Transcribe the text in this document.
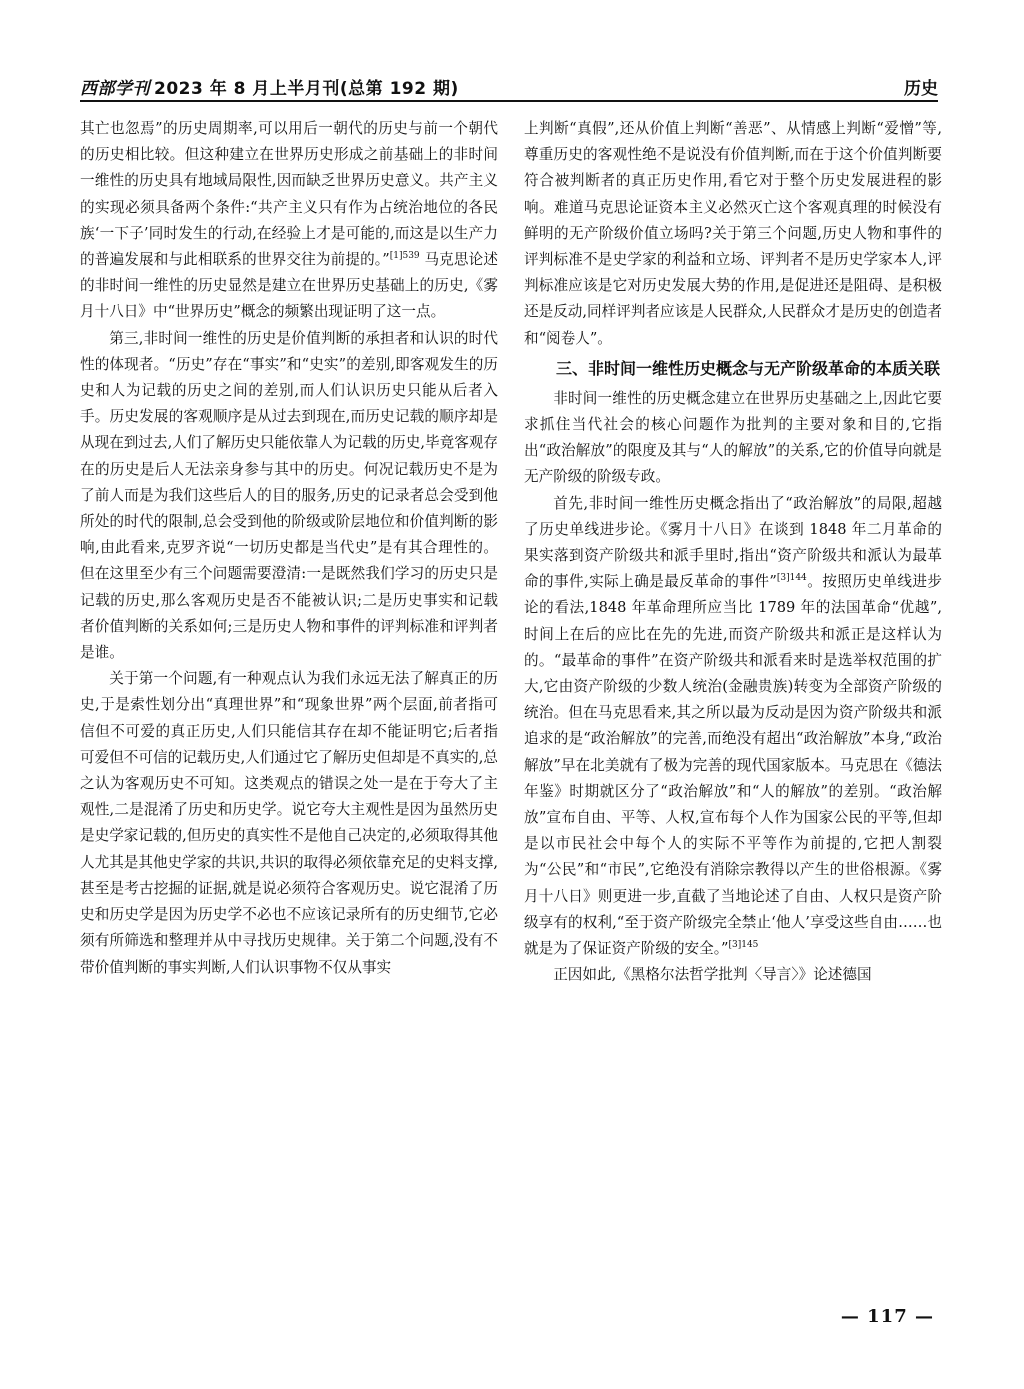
西部学刊 2023 年 8 月上半月刊(总第 192 期)	历史

其亡也忽焉”的历史周期率,可以用后一朝代的历史与前一个朝代的历史相比较。但这种建立在世界历史形成之前基础上的非时间一维性的历史具有地域局限性,因而缺乏世界历史意义。共产主义的实现必须具备两个条件:“共产主义只有作为占统治地位的各民族‘一下子’同时发生的行动,在经验上才是可能的,而这是以生产力的普遍发展和与此相联系的世界交往为前提的。”$^{[1]539}$ 马克思论述的非时间一维性的历史显然是建立在世界历史基础上的历史,《雾月十八日》中“世界历史”概念的频繁出现证明了这一点。

第三,非时间一维性的历史是价值判断的承担者和认识的时代性的体现者。“历史”存在“事实”和“史实”的差别,即客观发生的历史和人为记载的历史之间的差别,而人们认识历史只能从后者入手。历史发展的客观顺序是从过去到现在,而历史记载的顺序却是从现在到过去,人们了解历史只能依靠人为记载的历史,毕竟客观存在的历史是后人无法亲身参与其中的历史。何况记载历史不是为了前人而是为我们这些后人的目的服务,历史的记录者总会受到他所处的时代的限制,总会受到他的阶级或阶层地位和价值判断的影响,由此看来,克罗齐说“一切历史都是当代史”是有其合理性的。但在这里至少有三个问题需要澄清:一是既然我们学习的历史只是记载的历史,那么客观历史是否不能被认识;二是历史事实和记载者价值判断的关系如何;三是历史人物和事件的评判标准和评判者是谁。

关于第一个问题,有一种观点认为我们永远无法了解真正的历史,于是索性划分出“真理世界”和“现象世界”两个层面,前者指可信但不可爱的真正历史,人们只能信其存在却不能证明它;后者指可爱但不可信的记载历史,人们通过它了解历史但却是不真实的,总之认为客观历史不可知。这类观点的错误之处一是在于夸大了主观性,二是混淆了历史和历史学。说它夸大主观性是因为虽然历史是史学家记载的,但历史的真实性不是他自己决定的,必须取得其他人尤其是其他史学家的共识,共识的取得必须依靠充足的史料支撑,甚至是考古挖掘的证据,就是说必须符合客观历史。说它混淆了历史和历史学是因为历史学不必也不应该记录所有的历史细节,它必须有所筛选和整理并从中寻找历史规律。关于第二个问题,没有不带价值判断的事实判断,人们认识事物不仅从事实

上判断“真假”,还从价值上判断“善恶”、从情感上判断“爱憎”等,尊重历史的客观性绝不是说没有价值判断,而在于这个价值判断要符合被判断者的真正历史作用,看它对于整个历史发展进程的影响。难道马克思论证资本主义必然灭亡这个客观真理的时候没有鲜明的无产阶级价值立场吗?关于第三个问题,历史人物和事件的评判标准不是史学家的利益和立场、评判者不是历史学家本人,评判标准应该是它对历史发展大势的作用,是促进还是阻碍、是积极还是反动,同样评判者应该是人民群众,人民群众才是历史的创造者和“阅卷人”。

三、非时间一维性历史概念与无产阶级革命的本质关联

非时间一维性的历史概念建立在世界历史基础之上,因此它要求抓住当代社会的核心问题作为批判的主要对象和目的,它指出“政治解放”的限度及其与“人的解放”的关系,它的价值导向就是无产阶级的阶级专政。

首先,非时间一维性历史概念指出了“政治解放”的局限,超越了历史单线进步论。《雾月十八日》在谈到 1848 年二月革命的果实落到资产阶级共和派手里时,指出“资产阶级共和派认为最革命的事件,实际上确是最反革命的事件”$^{[3]144}$。按照历史单线进步论的看法,1848 年革命理所应当比 1789 年的法国革命“优越”,时间上在后的应比在先的先进,而资产阶级共和派正是这样认为的。“最革命的事件”在资产阶级共和派看来时是选举权范围的扩大,它由资产阶级的少数人统治(金融贵族)转变为全部资产阶级的统治。但在马克思看来,其之所以最为反动是因为资产阶级共和派追求的是“政治解放”的完善,而绝没有超出“政治解放”本身,“政治解放”早在北美就有了极为完善的现代国家版本。马克思在《德法年鉴》时期就区分了“政治解放”和“人的解放”的差别。“政治解放”宣布自由、平等、人权,宣布每个人作为国家公民的平等,但却是以市民社会中每个人的实际不平等作为前提的,它把人割裂为“公民”和“市民”,它绝没有消除宗教得以产生的世俗根源。《雾月十八日》则更进一步,直截了当地论述了自由、人权只是资产阶级享有的权利,“至于资产阶级完全禁止‘他人’享受这些自由……也就是为了保证资产阶级的安全。”$^{[3]145}$

正因如此,《黑格尔法哲学批判〈导言〉》论述德国

— 117 —
